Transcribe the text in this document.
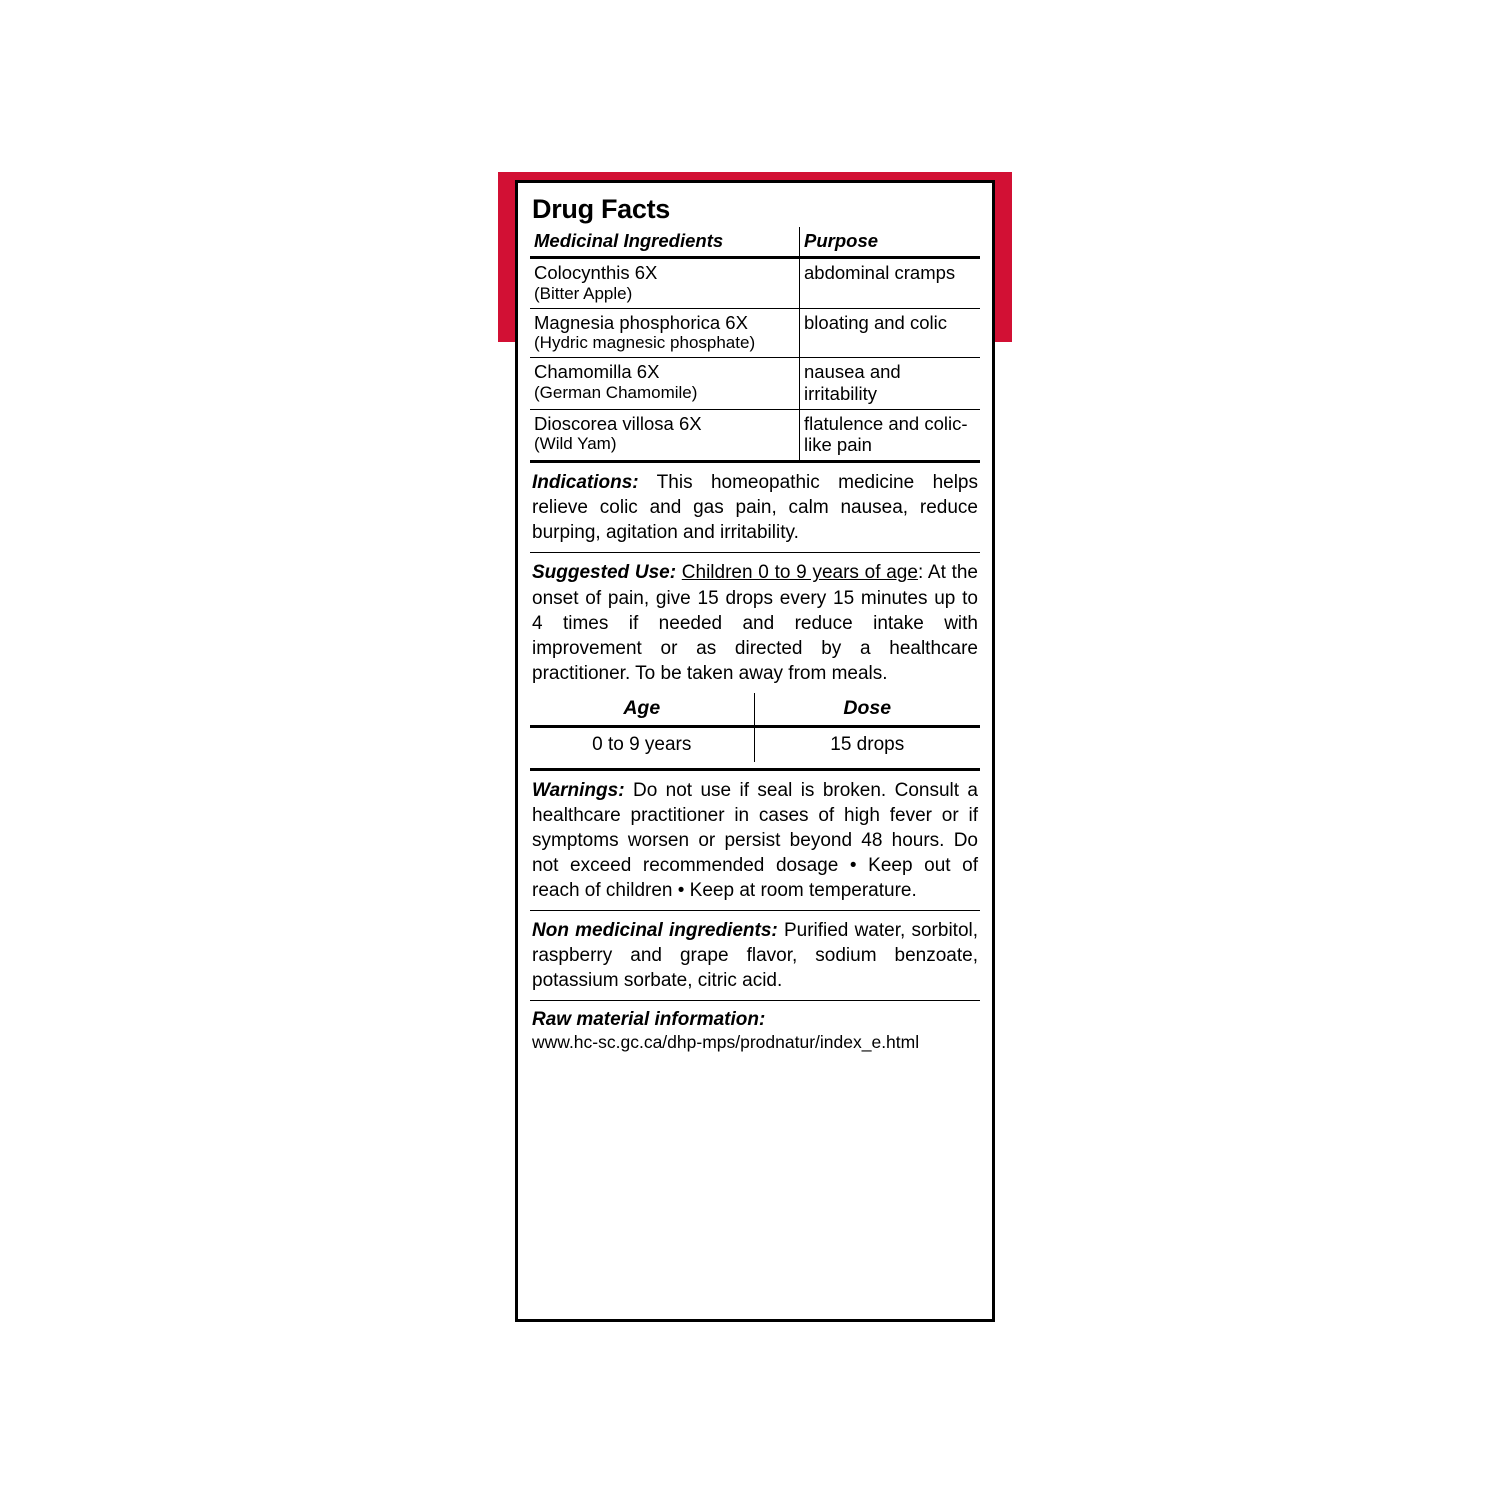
Drug Facts
Medicinal Ingredients	Purpose
Colocynthis 6X
(Bitter Apple)	abdominal cramps
Magnesia phosphorica 6X
(Hydric magnesic phosphate)	bloating and colic
Chamomilla 6X
(German Chamomile)	nausea and irritability
Dioscorea villosa 6X
(Wild Yam)	flatulence and colic-like pain

Indications: This homeopathic medicine helps relieve colic and gas pain, calm nausea, reduce burping, agitation and irritability.

Suggested Use: Children 0 to 9 years of age: At the onset of pain, give 15 drops every 15 minutes up to 4 times if needed and reduce intake with improvement or as directed by a healthcare practitioner. To be taken away from meals.

Age	Dose
0 to 9 years	15 drops

Warnings: Do not use if seal is broken. Consult a healthcare practitioner in cases of high fever or if symptoms worsen or persist beyond 48 hours. Do not exceed recommended dosage • Keep out of reach of children • Keep at room temperature.

Non medicinal ingredients: Purified water, sorbitol, raspberry and grape flavor, sodium benzoate, potassium sorbate, citric acid.

Raw material information:
www.hc-sc.gc.ca/dhp-mps/prodnatur/index_e.html
